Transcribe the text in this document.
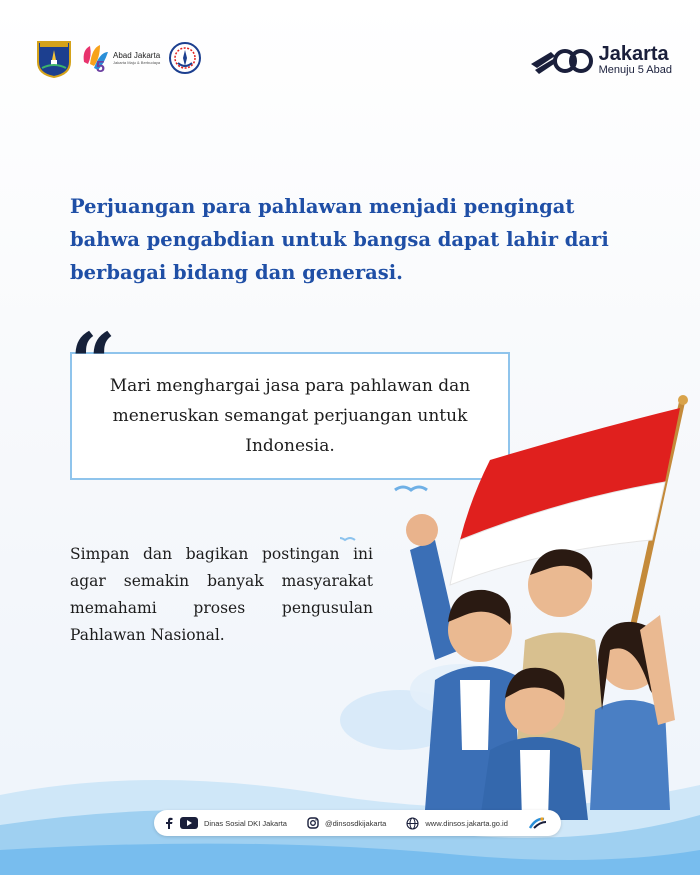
5
Abad Jakarta
Jakarta Maju & Berbudaya	Jakarta
Menuju 5 Abad

Perjuangan para pahlawan menjadi pengingat bahwa pengabdian untuk bangsa dapat lahir dari berbagai bidang dan generasi.

Mari menghargai jasa para pahlawan dan meneruskan semangat perjuangan untuk Indonesia.

“

Simpan dan bagikan postingan ini agar semakin banyak masyarakat memahami proses pengusulan Pahlawan Nasional.

Dinas Sosial DKI Jakarta	@dinsosdkijakarta	www.dinsos.jakarta.go.id
